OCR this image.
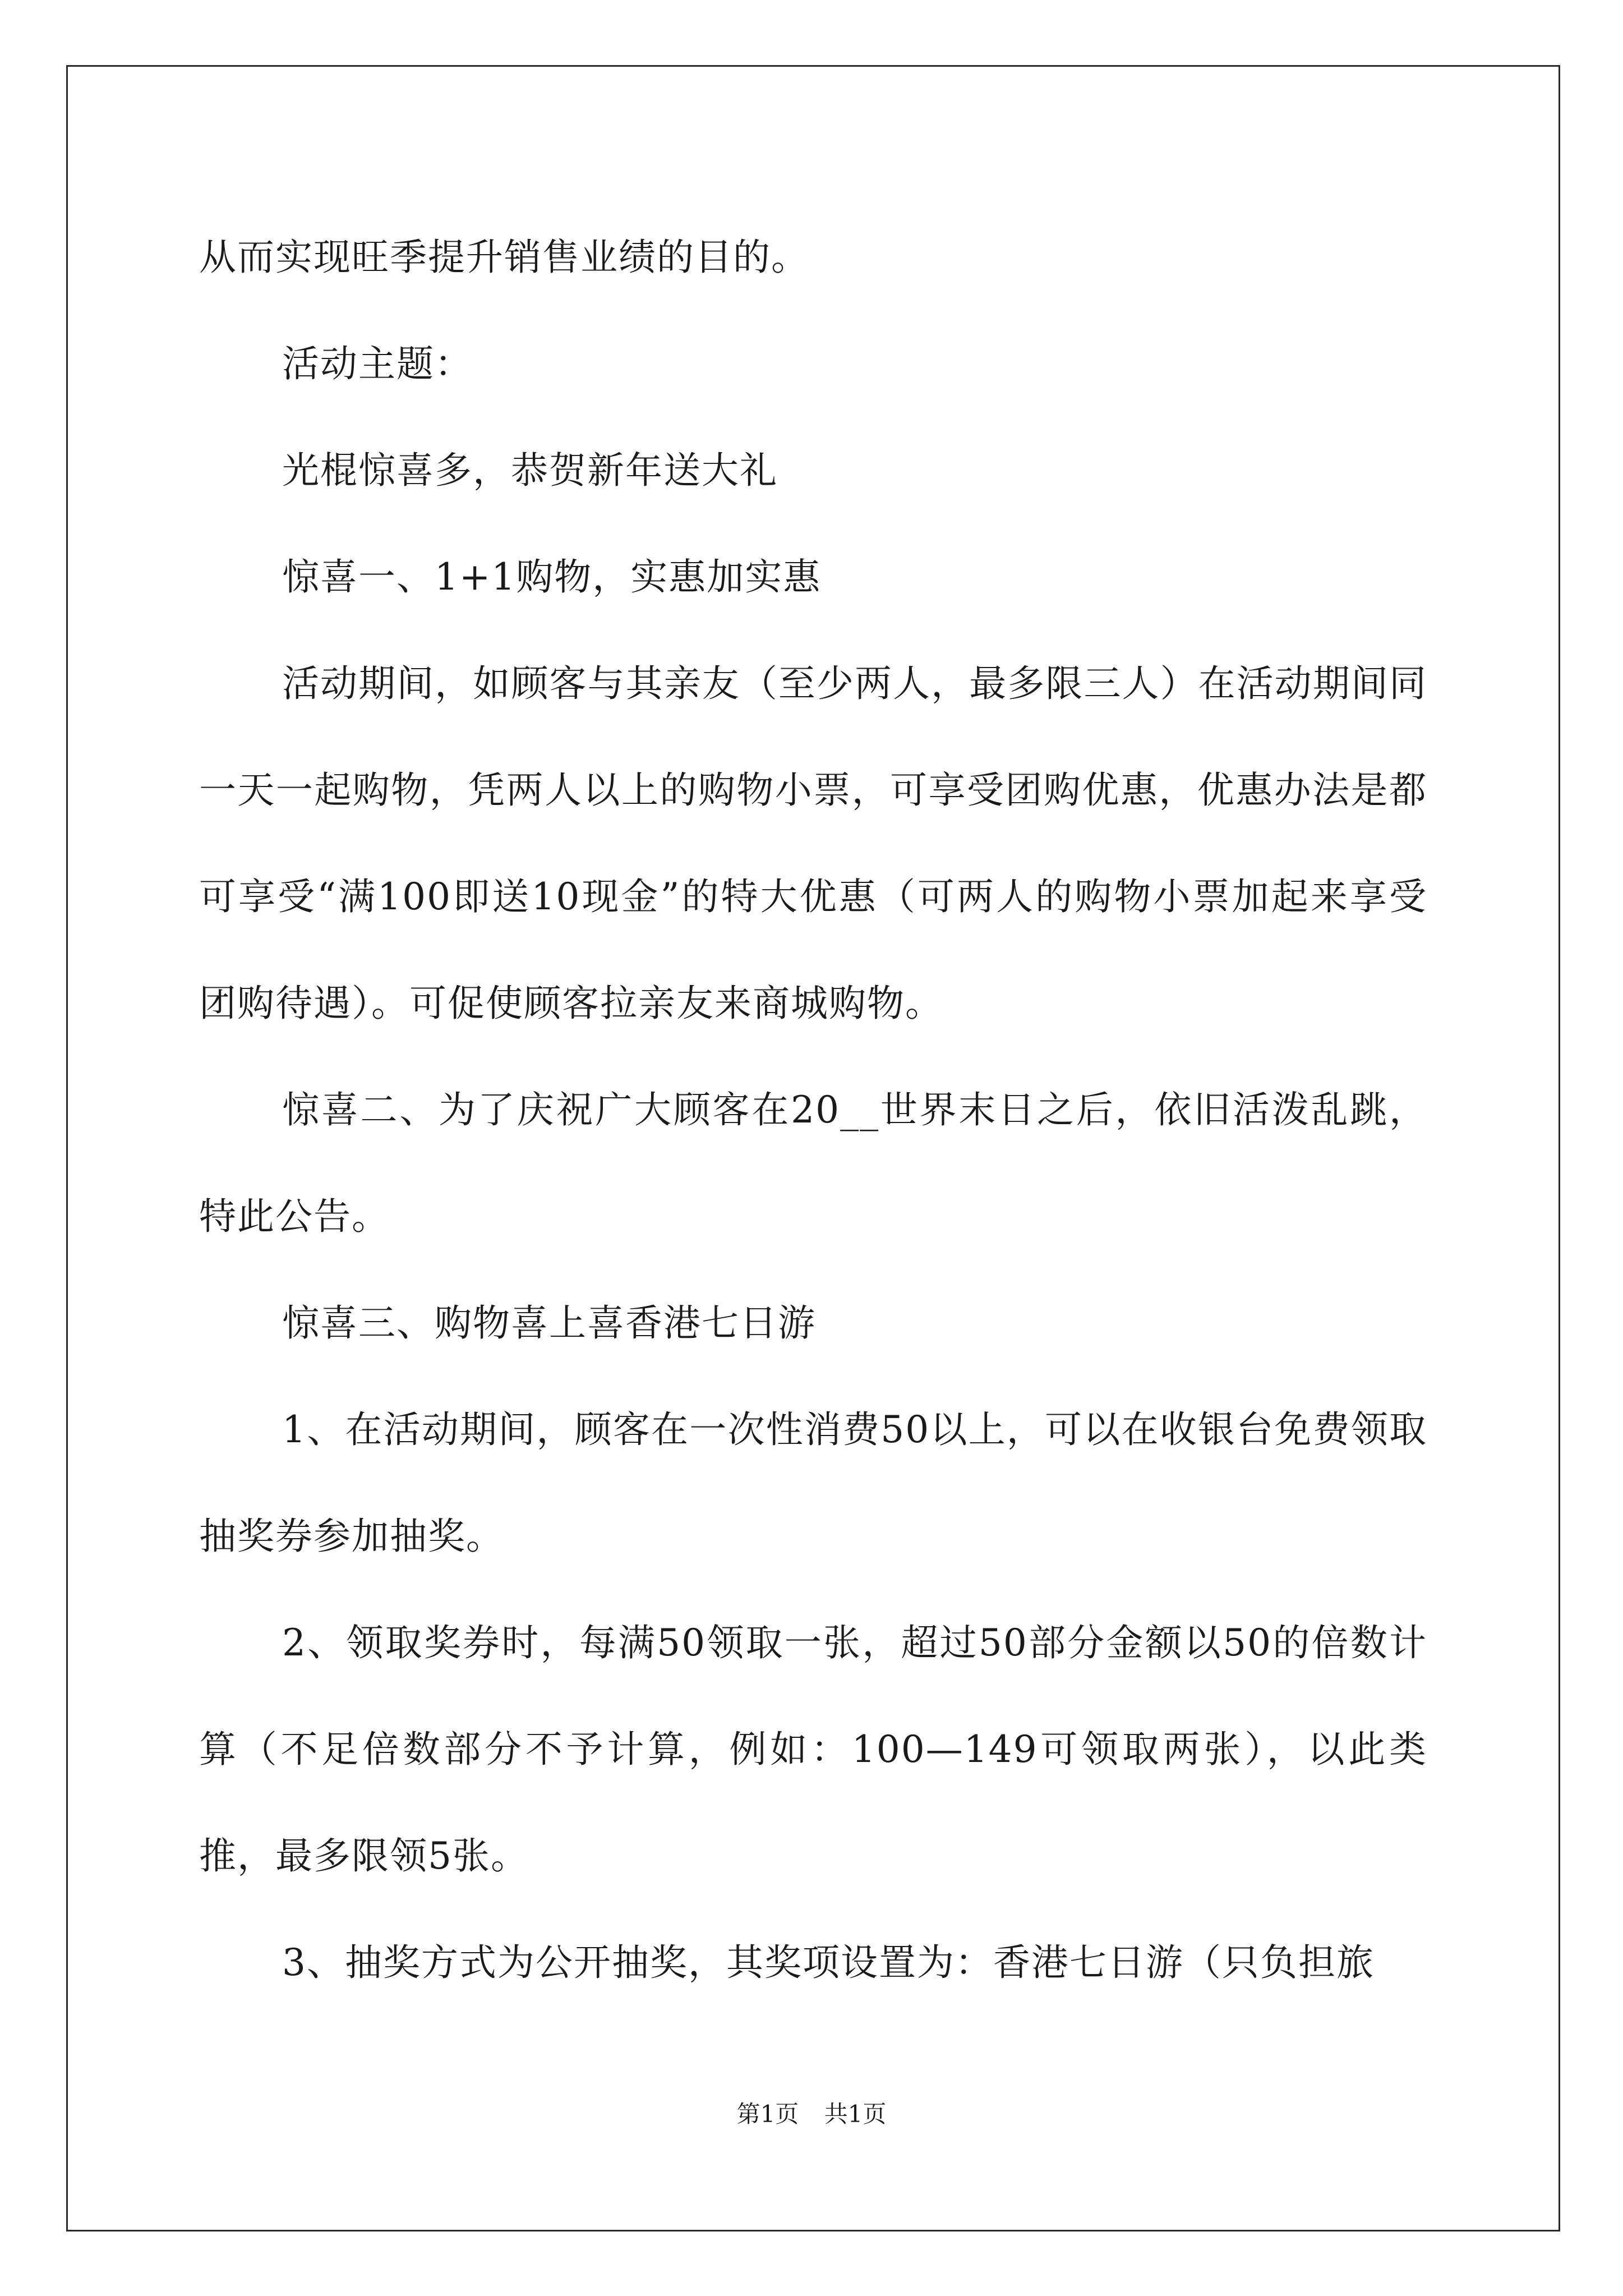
从而实现旺季提升销售业绩的目的。

活动主题：

光棍惊喜多，恭贺新年送大礼

惊喜一、1+1购物，实惠加实惠

活动期间，如顾客与其亲友（至少两人，最多限三人）在活动期间同一天一起购物，凭两人以上的购物小票，可享受团购优惠，优惠办法是都可享受“满100即送10现金”的特大优惠（可两人的购物小票加起来享受团购待遇）。可促使顾客拉亲友来商城购物。

惊喜二、为了庆祝广大顾客在20__世界末日之后，依旧活泼乱跳，特此公告。

惊喜三、购物喜上喜香港七日游

1、在活动期间，顾客在一次性消费50以上，可以在收银台免费领取抽奖券参加抽奖。

2、领取奖券时，每满50领取一张，超过50部分金额以50的倍数计算（不足倍数部分不予计算，例如：100—149可领取两张），以此类推，最多限领5张。

3、抽奖方式为公开抽奖，其奖项设置为：香港七日游（只负担旅

第1页 共1页
